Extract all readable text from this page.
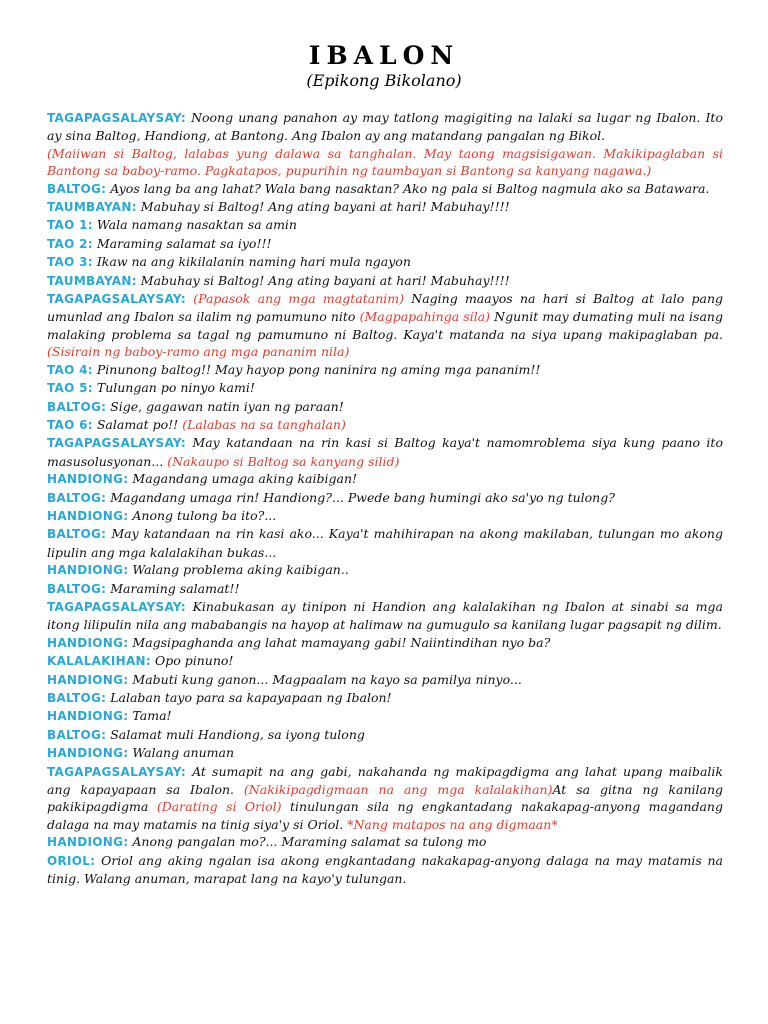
IBALON

(Epikong Bikolano)

TAGAPAGSALAYSAY: Noong unang panahon ay may tatlong magigiting na lalaki sa lugar ng Ibalon. Ito ay sina Baltog, Handiong, at Bantong. Ang Ibalon ay ang matandang pangalan ng Bikol.

(Maiiwan si Baltog, lalabas yung dalawa sa tanghalan. May taong magsisigawan. Makikipaglaban si Bantong sa baboy-ramo. Pagkatapos, pupurihin ng taumbayan si Bantong sa kanyang nagawa.)

BALTOG: Ayos lang ba ang lahat? Wala bang nasaktan? Ako ng pala si Baltog nagmula ako sa Batawara.

TAUMBAYAN: Mabuhay si Baltog! Ang ating bayani at hari! Mabuhay!!!!

TAO 1: Wala namang nasaktan sa amin

TAO 2: Maraming salamat sa iyo!!!

TAO 3: Ikaw na ang kikilalanin naming hari mula ngayon

TAUMBAYAN: Mabuhay si Baltog! Ang ating bayani at hari! Mabuhay!!!!

TAGAPAGSALAYSAY: (Papasok ang mga magtatanim) Naging maayos na hari si Baltog at lalo pang umunlad ang Ibalon sa ilalim ng pamumuno nito (Magpapahinga sila) Ngunit may dumating muli na isang malaking problema sa tagal ng pamumuno ni Baltog. Kaya't matanda na siya upang makipaglaban pa. (Sisirain ng baboy-ramo ang mga pananim nila)

TAO 4: Pinunong baltog!! May hayop pong naninira ng aming mga pananim!!

TAO 5: Tulungan po ninyo kami!

BALTOG: Sige, gagawan natin iyan ng paraan!

TAO 6: Salamat po!! (Lalabas na sa tanghalan)

TAGAPAGSALAYSAY: May katandaan na rin kasi si Baltog kaya't namomroblema siya kung paano ito masusolusyonan... (Nakaupo si Baltog sa kanyang silid)

HANDIONG: Magandang umaga aking kaibigan!

BALTOG: Magandang umaga rin! Handiong?... Pwede bang humingi ako sa'yo ng tulong?

HANDIONG: Anong tulong ba ito?...

BALTOG: May katandaan na rin kasi ako... Kaya't mahihirapan na akong makilaban, tulungan mo akong lipulin ang mga kalalakihan bukas...

HANDIONG: Walang problema aking kaibigan..

BALTOG: Maraming salamat!!

TAGAPAGSALAYSAY: Kinabukasan ay tinipon ni Handion ang kalalakihan ng Ibalon at sinabi sa mga itong lilipulin nila ang mababangis na hayop at halimaw na gumugulo sa kanilang lugar pagsapit ng dilim.

HANDIONG: Magsipaghanda ang lahat mamayang gabi! Naiintindihan nyo ba?

KALALAKIHAN: Opo pinuno!

HANDIONG: Mabuti kung ganon... Magpaalam na kayo sa pamilya ninyo...

BALTOG: Lalaban tayo para sa kapayapaan ng Ibalon!

HANDIONG: Tama!

BALTOG: Salamat muli Handiong, sa iyong tulong

HANDIONG: Walang anuman

TAGAPAGSALAYSAY: At sumapit na ang gabi, nakahanda ng makipagdigma ang lahat upang maibalik ang kapayapaan sa Ibalon. (Nakikipagdigmaan na ang mga kalalakihan)At sa gitna ng kanilang pakikipagdigma (Darating si Oriol) tinulungan sila ng engkantadang nakakapag-anyong magandang dalaga na may matamis na tinig siya'y si Oriol. *Nang matapos na ang digmaan*

HANDIONG: Anong pangalan mo?... Maraming salamat sa tulong mo

ORIOL: Oriol ang aking ngalan isa akong engkantadang nakakapag-anyong dalaga na may matamis na tinig. Walang anuman, marapat lang na kayo'y tulungan.
